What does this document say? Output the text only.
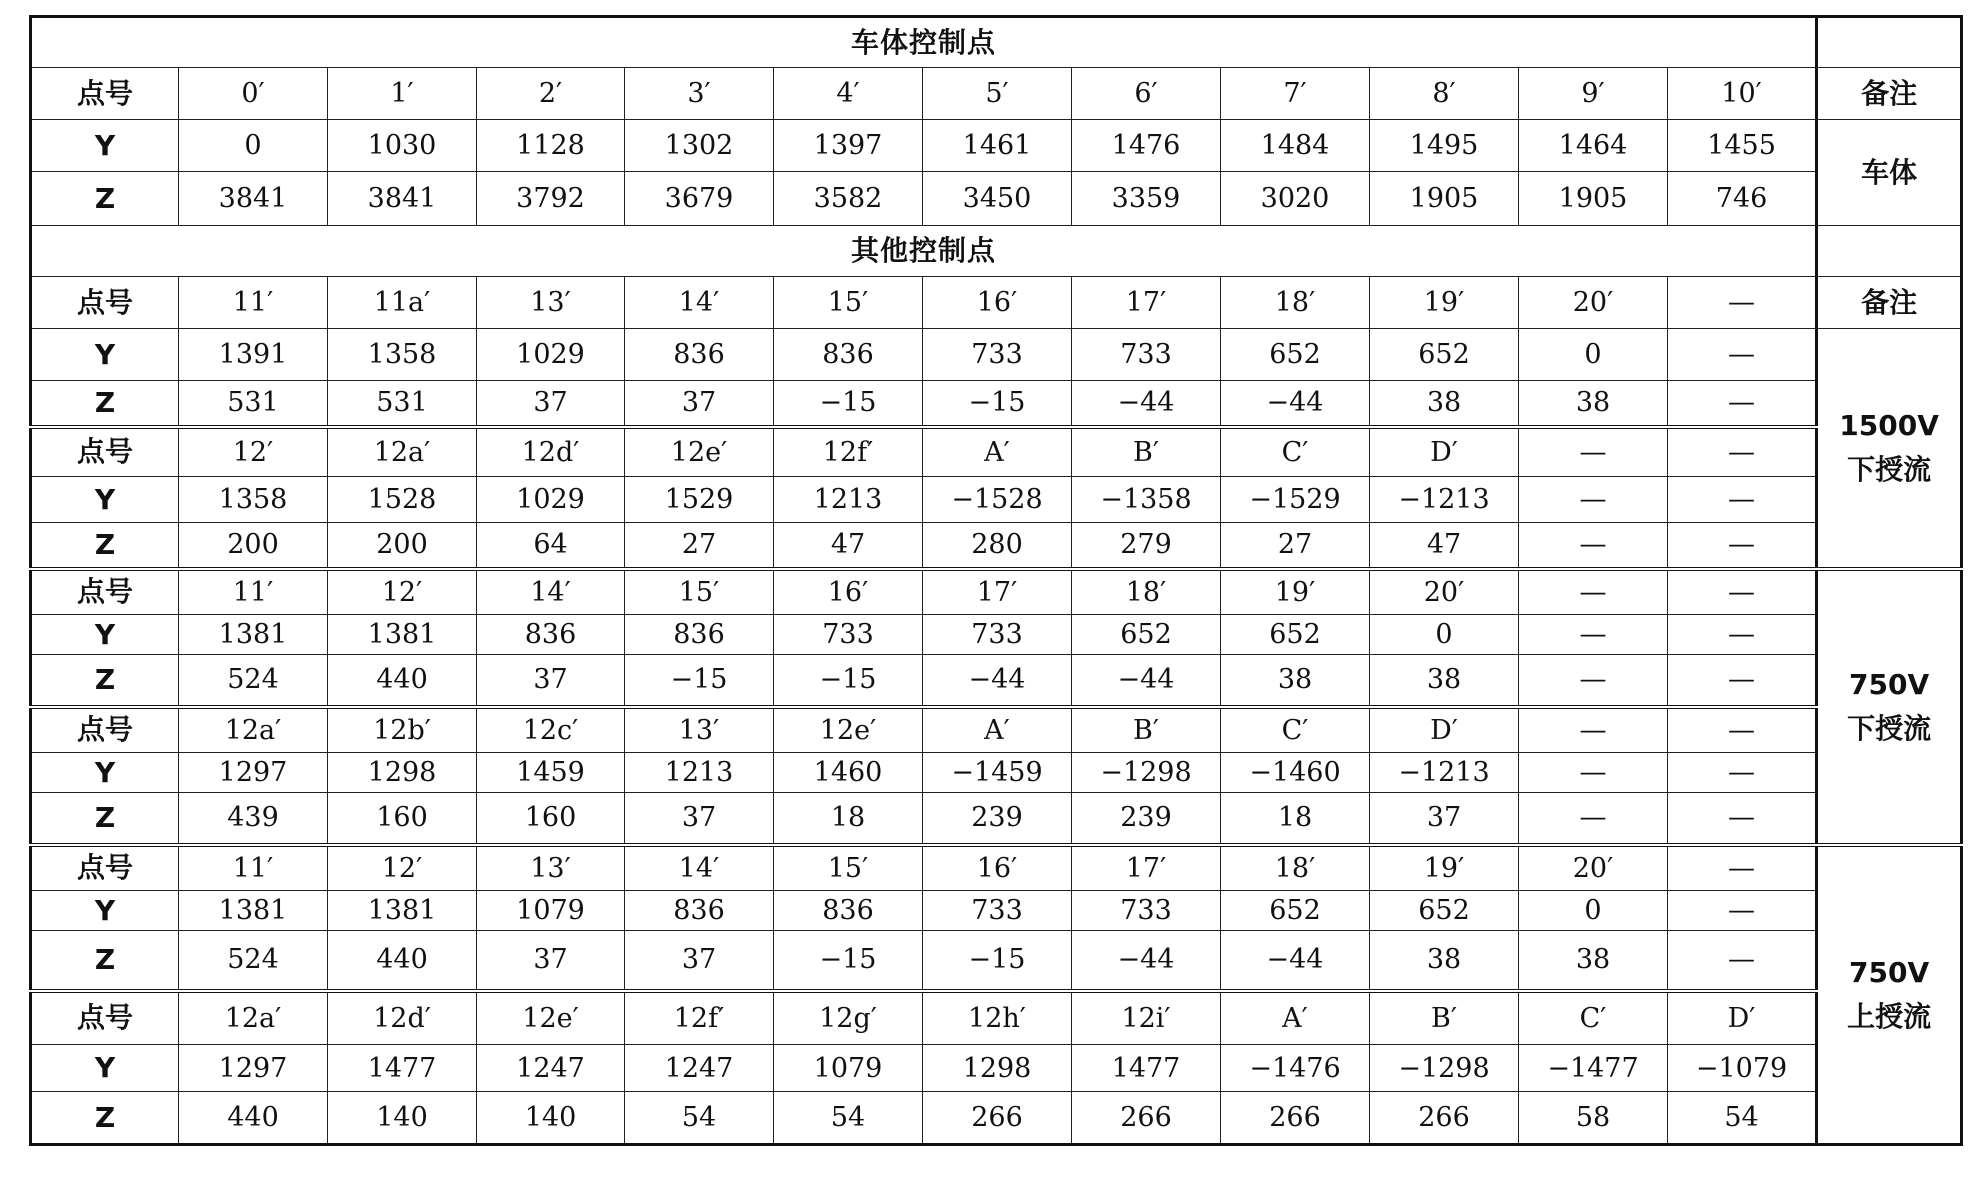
车体控制点												
点号	0′	1′	2′	3′	4′	5′	6′	7′	8′	9′	10′	备注
Y	0	1030	1128	1302	1397	1461	1476	1484	1495	1464	1455	车体

Z	3841	3841	3792	3679	3582	3450	3359	3020	1905	1905	746	
其他控制点												
点号	11′	11a′	13′	14′	15′	16′	17′	18′	19′	20′	—	备注
Y	1391	1358	1029	836	836	733	733	652	652	0	—	1500V
下授流

Z	531	531	37	37	−15	−15	−44	−44	38	38	—	
点号	12′	12a′	12d′	12e′	12f′	A′	B′	C′	D′	—	—	
Y	1358	1528	1029	1529	1213	−1528	−1358	−1529	−1213	—	—	
Z	200	200	64	27	47	280	279	27	47	—	—	
点号	11′	12′	14′	15′	16′	17′	18′	19′	20′	—	—	750V
下授流

Y	1381	1381	836	836	733	733	652	652	0	—	—	
Z	524	440	37	−15	−15	−44	−44	38	38	—	—	
点号	12a′	12b′	12c′	13′	12e′	A′	B′	C′	D′	—	—	
Y	1297	1298	1459	1213	1460	−1459	−1298	−1460	−1213	—	—	
Z	439	160	160	37	18	239	239	18	37	—	—	
点号	11′	12′	13′	14′	15′	16′	17′	18′	19′	20′	—	750V
上授流

Y	1381	1381	1079	836	836	733	733	652	652	0	—	
Z	524	440	37	37	−15	−15	−44	−44	38	38	—	
点号	12a′	12d′	12e′	12f′	12g′	12h′	12i′	A′	B′	C′	D′	
Y	1297	1477	1247	1247	1079	1298	1477	−1476	−1298	−1477	−1079	
Z	440	140	140	54	54	266	266	266	266	58	54	
